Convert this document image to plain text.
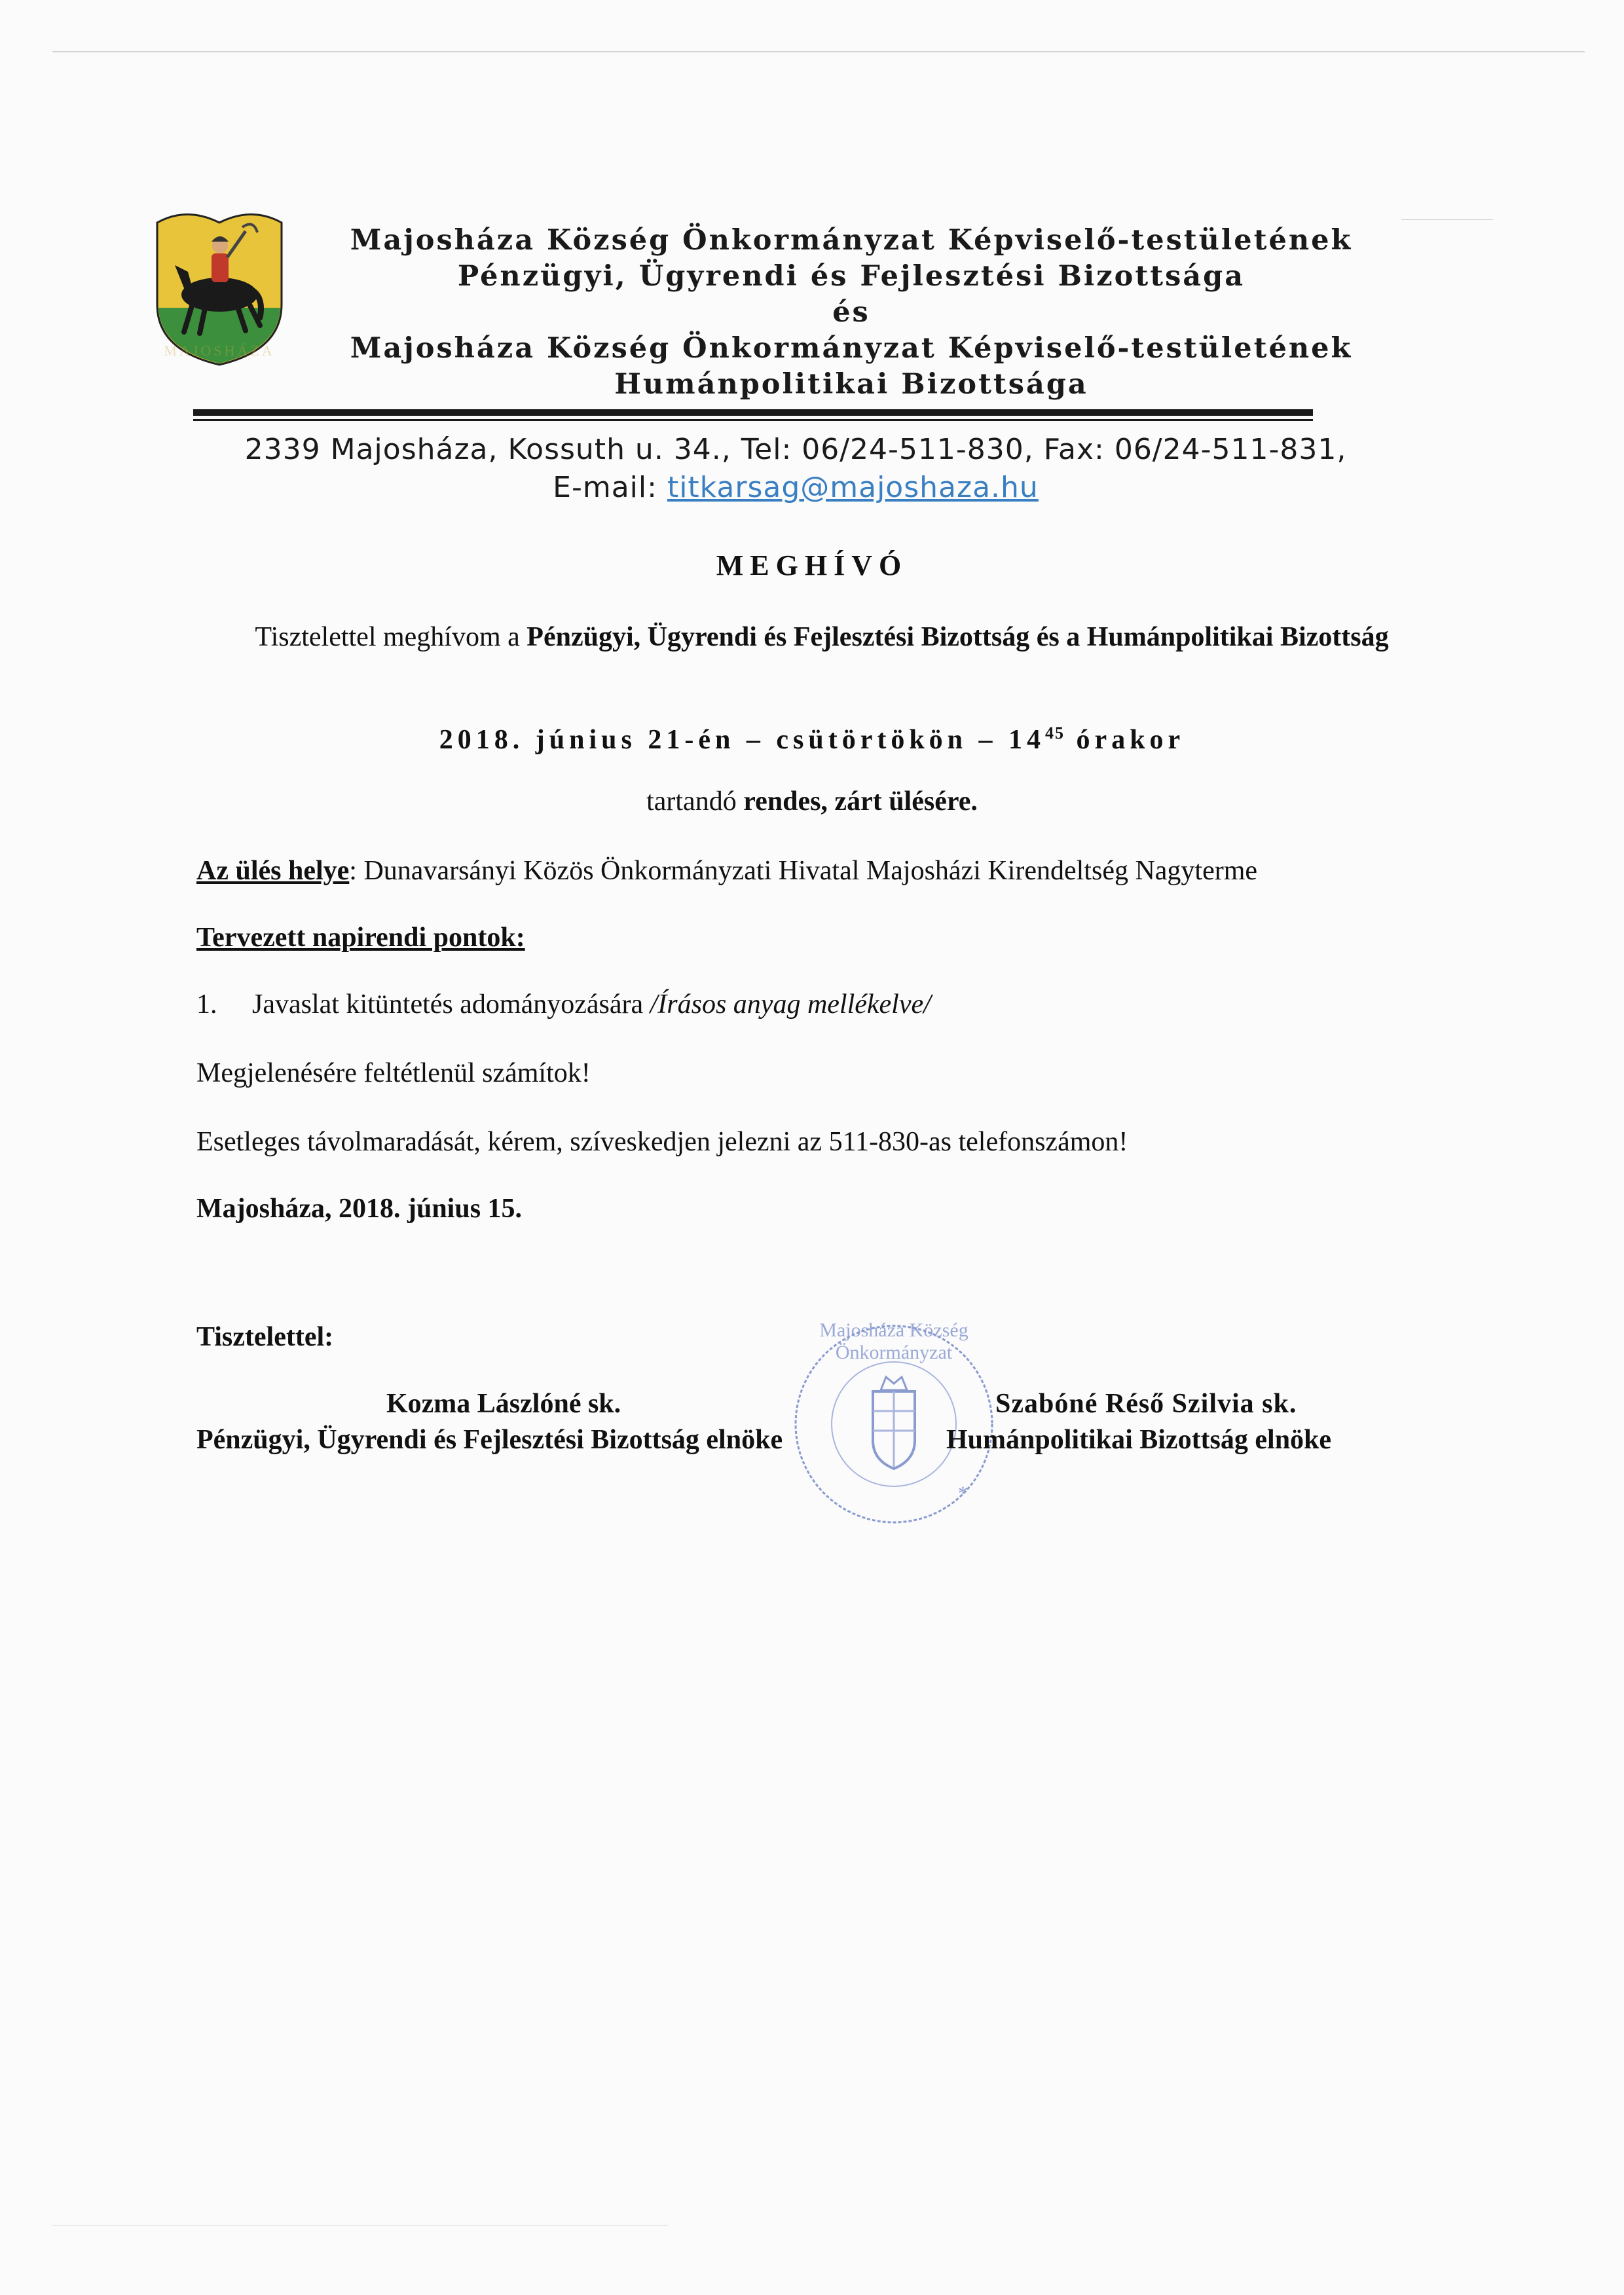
MAJOSHÁZA
Majosháza Község Önkormányzat Képviselő-testületének
Pénzügyi, Ügyrendi és Fejlesztési Bizottsága
és
Majosháza Község Önkormányzat Képviselő-testületének
Humánpolitikai Bizottsága
2339 Majosháza, Kossuth u. 34., Tel: 06/24-511-830, Fax: 06/24-511-831,
E-mail: titkarsag@majoshaza.hu
MEGHÍVÓ
Tisztelettel meghívom a Pénzügyi, Ügyrendi és Fejlesztési Bizottság és a Humánpolitikai Bizottság
2018. június 21-én – csütörtökön – $14^{45}$ órakor
tartandó rendes, zárt ülésére.
Az ülés helye: Dunavarsányi Közös Önkormányzati Hivatal Majosházi Kirendeltség Nagyterme
Tervezett napirendi pontok:
1. Javaslat kitüntetés adományozására /Írásos anyag mellékelve/
Megjelenésére feltétlenül számítok!
Esetleges távolmaradását, kérem, szíveskedjen jelezni az 511-830-as telefonszámon!
Majosháza, 2018. június 15.
Tisztelettel:
*
Majosháza Község Önkormányzat
Kozma Lászlóné sk.
Pénzügyi, Ügyrendi és Fejlesztési Bizottság elnöke
Szabóné Réső Szilvia sk.
Humánpolitikai Bizottság elnöke
